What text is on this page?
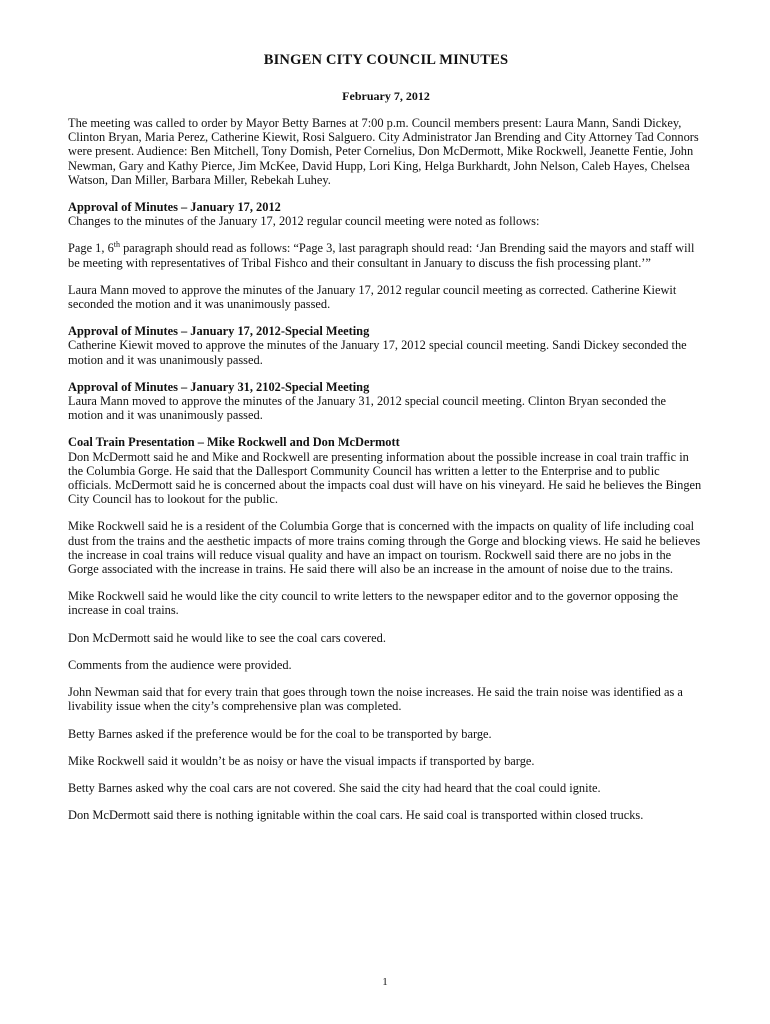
BINGEN CITY COUNCIL MINUTES
February 7, 2012

The meeting was called to order by Mayor Betty Barnes at 7:00 p.m. Council members present: Laura Mann, Sandi Dickey, Clinton Bryan, Maria Perez, Catherine Kiewit, Rosi Salguero. City Administrator Jan Brending and City Attorney Tad Connors were present. Audience: Ben Mitchell, Tony Domish, Peter Cornelius, Don McDermott, Mike Rockwell, Jeanette Fentie, John Newman, Gary and Kathy Pierce, Jim McKee, David Hupp, Lori King, Helga Burkhardt, John Nelson, Caleb Hayes, Chelsea Watson, Dan Miller, Barbara Miller, Rebekah Luhey.

Approval of Minutes – January 17, 2012
Changes to the minutes of the January 17, 2012 regular council meeting were noted as follows:

Page 1, 6th paragraph should read as follows: “Page 3, last paragraph should read: ‘Jan Brending said the mayors and staff will be meeting with representatives of Tribal Fishco and their consultant in January to discuss the fish processing plant.’”

Laura Mann moved to approve the minutes of the January 17, 2012 regular council meeting as corrected. Catherine Kiewit seconded the motion and it was unanimously passed.

Approval of Minutes – January 17, 2012-Special Meeting
Catherine Kiewit moved to approve the minutes of the January 17, 2012 special council meeting. Sandi Dickey seconded the motion and it was unanimously passed.
Approval of Minutes – January 31, 2102-Special Meeting
Laura Mann moved to approve the minutes of the January 31, 2012 special council meeting. Clinton Bryan seconded the motion and it was unanimously passed.
Coal Train Presentation – Mike Rockwell and Don McDermott
Don McDermott said he and Mike and Rockwell are presenting information about the possible increase in coal train traffic in the Columbia Gorge. He said that the Dallesport Community Council has written a letter to the Enterprise and to public officials. McDermott said he is concerned about the impacts coal dust will have on his vineyard. He said he believes the Bingen City Council has to lookout for the public.

Mike Rockwell said he is a resident of the Columbia Gorge that is concerned with the impacts on quality of life including coal dust from the trains and the aesthetic impacts of more trains coming through the Gorge and blocking views. He said he believes the increase in coal trains will reduce visual quality and have an impact on tourism. Rockwell said there are no jobs in the Gorge associated with the increase in trains. He said there will also be an increase in the amount of noise due to the trains.

Mike Rockwell said he would like the city council to write letters to the newspaper editor and to the governor opposing the increase in coal trains.

Don McDermott said he would like to see the coal cars covered.

Comments from the audience were provided.

John Newman said that for every train that goes through town the noise increases. He said the train noise was identified as a livability issue when the city’s comprehensive plan was completed.

Betty Barnes asked if the preference would be for the coal to be transported by barge.

Mike Rockwell said it wouldn’t be as noisy or have the visual impacts if transported by barge.

Betty Barnes asked why the coal cars are not covered. She said the city had heard that the coal could ignite.

Don McDermott said there is nothing ignitable within the coal cars. He said coal is transported within closed trucks.

1
